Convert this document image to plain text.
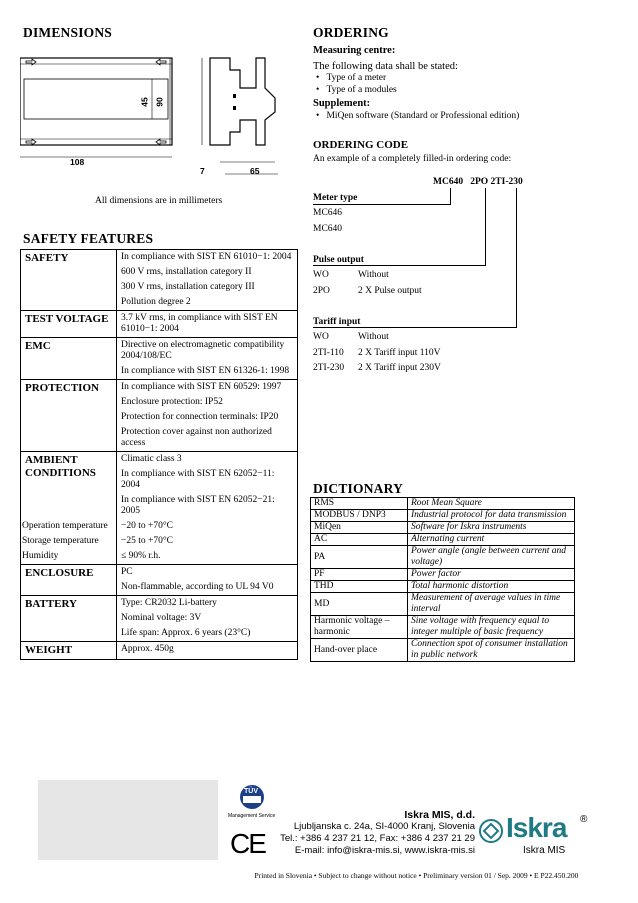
DIMENSIONS
45 90
108
7	65
All dimensions are in millimeters
SAFETY FEATURES
SAFETY	In compliance with SIST EN 61010−1: 2004
600 V rms, installation category II
300 V rms, installation category III
Pollution degree 2
TEST VOLTAGE	3.7 kV rms, in compliance with SIST EN 61010−1: 2004
EMC	Directive on electromagnetic compatibility 2004/108/EC
In compliance with SIST EN 61326-1: 1998
PROTECTION	In compliance with SIST EN 60529: 1997
Enclosure protection: IP52
Protection for connection terminals: IP20
Protection cover against non authorized access
AMBIENT CONDITIONS
Climatic class 3
In compliance with SIST EN 62052−11: 2004
In compliance with SIST EN 62052−21: 2005
Operation temperature −20 to +70°C
Storage temperature	−25 to +70°C
Humidity	≤ 90% r.h.
ENCLOSURE	PC
Non-flammable, according to UL 94 V0
BATTERY	Type: CR2032 Li-battery
Nominal voltage: 3V
Life span: Approx. 6 years (23°C)
WEIGHT	Approx. 450g
ORDERING
Measuring centre:
The following data shall be stated:
•   Type of a meter
•   Type of a modules
Supplement:
•   MiQen software (Standard or Professional edition)
ORDERING CODE
An example of a completely filled-in ordering code:
MC640 2PO 2TI-230
Meter type
MC646
MC640
Pulse output
WO	Without
2PO	2 X Pulse output
Tariff input
WO	Without
2TI-110 2 X Tariff input 110V
2TI-230 2 X Tariff input 230V
DICTIONARY
RMS	Root Mean Square
MODBUS / DNP3	Industrial protocol for data transmission
MiQen	Software for Iskra instruments
AC	Alternating current
PA	Power angle (angle between current and voltage)
PF	Power factor
THD	Total harmonic distortion
MD	Measurement of average values in time interval
Harmonic voltage – harmonic	Sine voltage with frequency equal to integer multiple of basic frequency
Hand-over place	Connection spot of consumer installation in public network
TÜV
Management Service
CE
Iskra MIS, d.d.
Ljubljanska c. 24a, SI-4000 Kranj, Slovenia
Tel.: +386 4 237 21 12, Fax: +386 4 237 21 29
E-mail: info@iskra-mis.si, www.iskra-mis.si
Iskra ®
Iskra MIS
Printed in Slovenia • Subject to change without notice • Preliminary version 01 / Sep. 2009 • E P22.450.200
